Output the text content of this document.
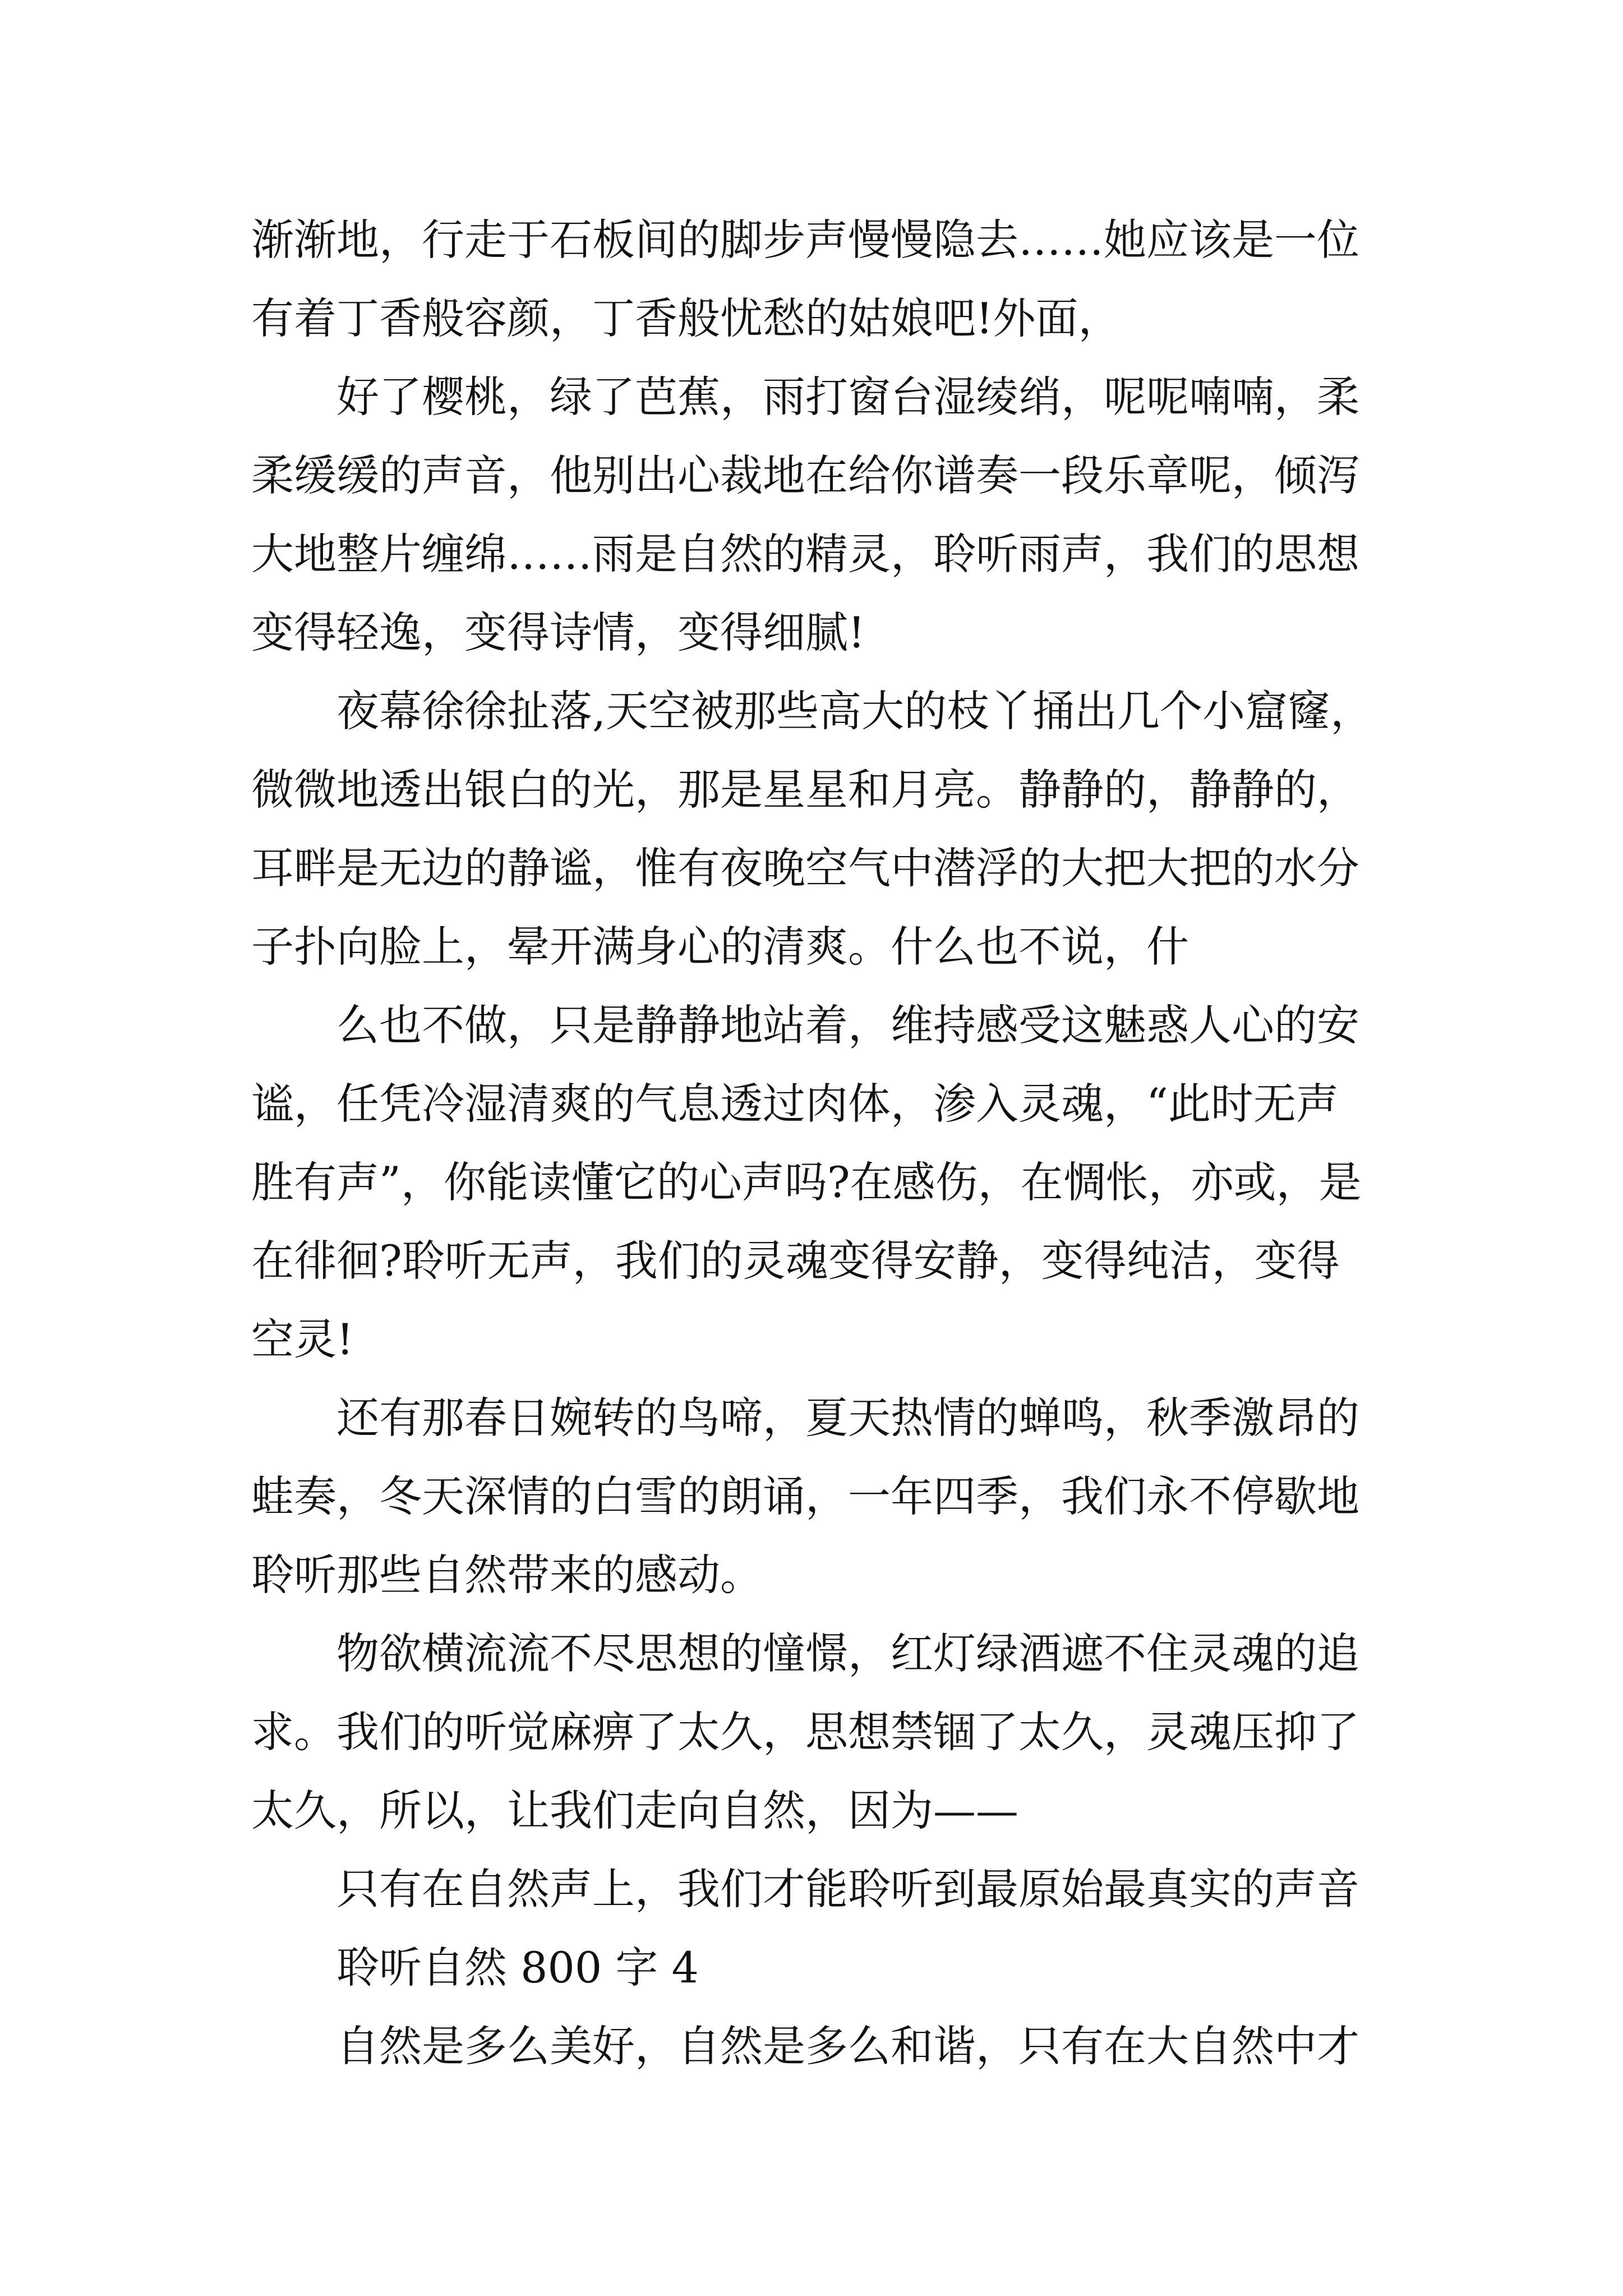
渐渐地，行走于石板间的脚步声慢慢隐去……她应该是一位
有着丁香般容颜，丁香般忧愁的姑娘吧!外面，
好了樱桃，绿了芭蕉，雨打窗台湿绫绡，呢呢喃喃，柔
柔缓缓的声音，他别出心裁地在给你谱奏一段乐章呢，倾泻
大地整片缠绵……雨是自然的精灵，聆听雨声，我们的思想
变得轻逸，变得诗情，变得细腻!
夜幕徐徐扯落,天空被那些高大的枝丫捅出几个小窟窿，
微微地透出银白的光，那是星星和月亮。静静的，静静的，
耳畔是无边的静谧，惟有夜晚空气中潜浮的大把大把的水分
子扑向脸上，晕开满身心的清爽。什么也不说，什
么也不做，只是静静地站着，维持感受这魅惑人心的安
谧，任凭冷湿清爽的气息透过肉体，渗入灵魂，“此时无声
胜有声”，你能读懂它的心声吗?在感伤，在惆怅，亦或，是
在徘徊?聆听无声，我们的灵魂变得安静，变得纯洁，变得
空灵!
还有那春日婉转的鸟啼，夏天热情的蝉鸣，秋季激昂的
蛙奏，冬天深情的白雪的朗诵，一年四季，我们永不停歇地
聆听那些自然带来的感动。
物欲横流流不尽思想的憧憬，红灯绿酒遮不住灵魂的追
求。我们的听觉麻痹了太久，思想禁锢了太久，灵魂压抑了
太久，所以，让我们走向自然，因为——
只有在自然声上，我们才能聆听到最原始最真实的声音
聆听自然 800 字 4
自然是多么美好，自然是多么和谐，只有在大自然中才
